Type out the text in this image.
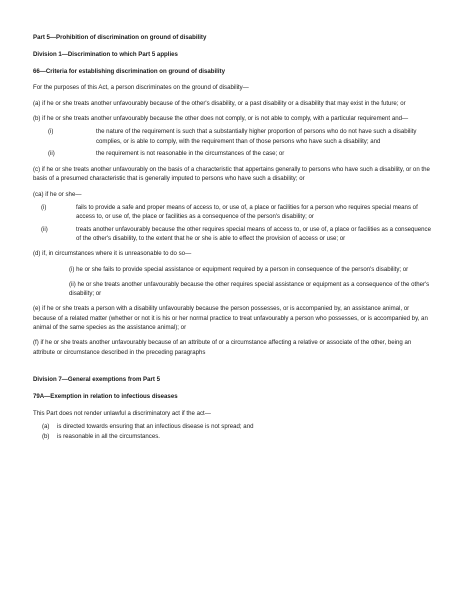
Part 5—Prohibition of discrimination on ground of disability
Division 1—Discrimination to which Part 5 applies
66—Criteria for establishing discrimination on ground of disability
For the purposes of this Act, a person discriminates on the ground of disability—
(a) if he or she treats another unfavourably because of the other's disability, or a past disability or a disability that may exist in the future; or
(b) if he or she treats another unfavourably because the other does not comply, or is not able to comply, with a particular requirement and—
(i)	the nature of the requirement is such that a substantially higher proportion of persons who do not have such a disability complies, or is able to comply, with the requirement than of those persons who have such a disability; and
(ii)	the requirement is not reasonable in the circumstances of the case; or
(c) if he or she treats another unfavourably on the basis of a characteristic that appertains generally to persons who have such a disability, or on the basis of a presumed characteristic that is generally imputed to persons who have such a disability; or
(ca) if he or she—
(i)	fails to provide a safe and proper means of access to, or use of, a place or facilities for a person who requires special means of access to, or use of, the place or facilities as a consequence of the person's disability; or
(ii)	treats another unfavourably because the other requires special means of access to, or use of, a place or facilities as a consequence of the other's disability, to the extent that he or she is able to effect the provision of access or use; or
(d) if, in circumstances where it is unreasonable to do so—
(i) he or she fails to provide special assistance or equipment required by a person in consequence of the person's disability; or
(ii) he or she treats another unfavourably because the other requires special assistance or equipment as a consequence of the other's disability; or
(e) if he or she treats a person with a disability unfavourably because the person possesses, or is accompanied by, an assistance animal, or because of a related matter (whether or not it is his or her normal practice to treat unfavourably a person who possesses, or is accompanied by, an animal of the same species as the assistance animal); or
(f) if he or she treats another unfavourably because of an attribute of or a circumstance affecting a relative or associate of the other, being an attribute or circumstance described in the preceding paragraphs
Division 7—General exemptions from Part 5
79A—Exemption in relation to infectious diseases
This Part does not render unlawful a discriminatory act if the act—
(a)	is directed towards ensuring that an infectious disease is not spread; and
(b)	is reasonable in all the circumstances.
